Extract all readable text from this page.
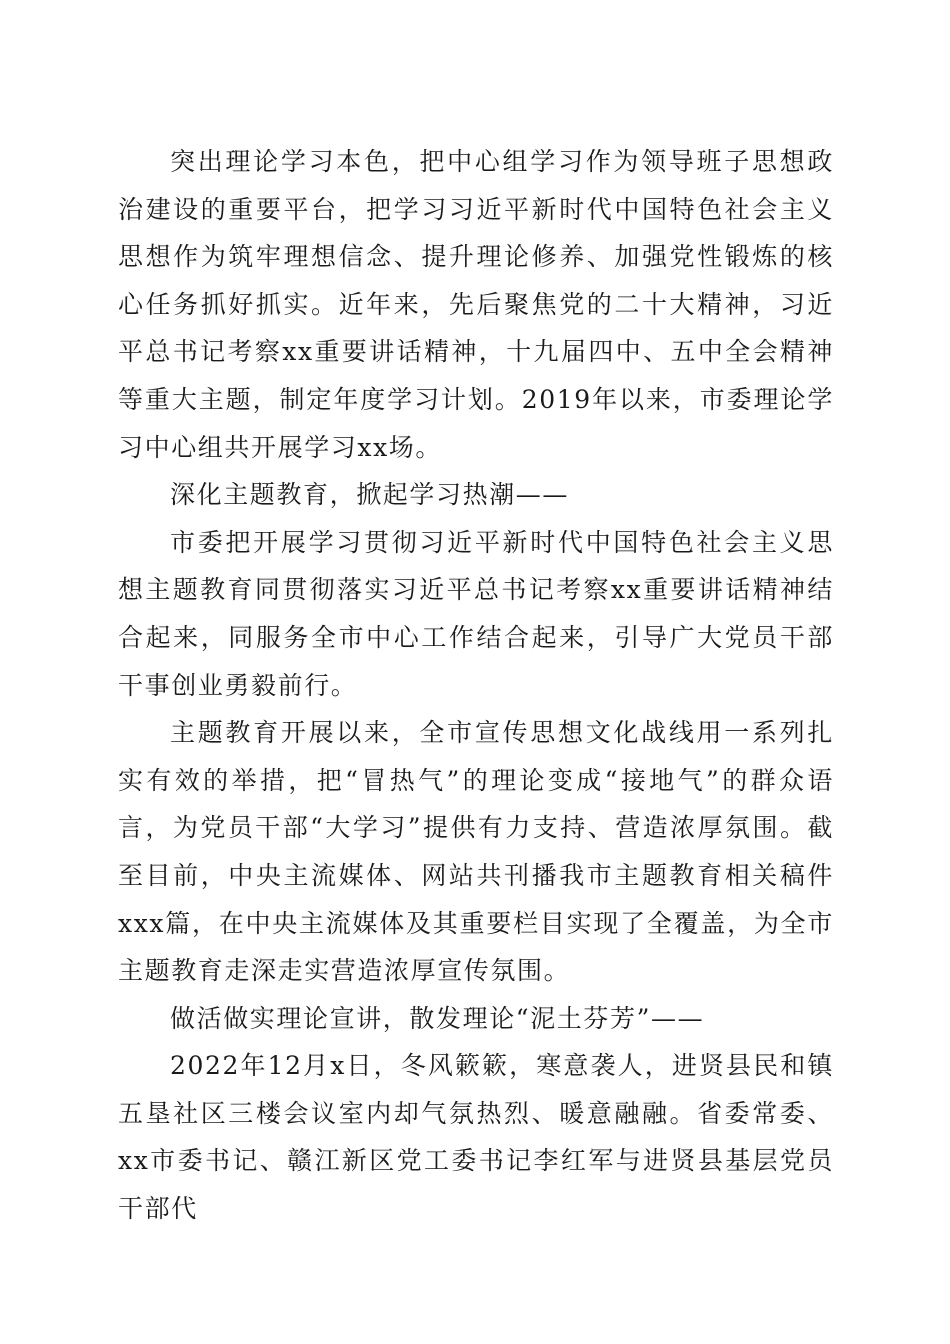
突出理论学习本色，把中心组学习作为领导班子思想政治建设的重要平台，把学习习近平新时代中国特色社会主义思想作为筑牢理想信念、提升理论修养、加强党性锻炼的核心任务抓好抓实。近年来，先后聚焦党的二十大精神，习近平总书记考察xx重要讲话精神，十九届四中、五中全会精神等重大主题，制定年度学习计划。2019年以来，市委理论学习中心组共开展学习xx场。

深化主题教育，掀起学习热潮——

市委把开展学习贯彻习近平新时代中国特色社会主义思想主题教育同贯彻落实习近平总书记考察xx重要讲话精神结合起来，同服务全市中心工作结合起来，引导广大党员干部干事创业勇毅前行。

主题教育开展以来，全市宣传思想文化战线用一系列扎实有效的举措，把“冒热气”的理论变成“接地气”的群众语言，为党员干部“大学习”提供有力支持、营造浓厚氛围。截至目前，中央主流媒体、网站共刊播我市主题教育相关稿件xxx篇，在中央主流媒体及其重要栏目实现了全覆盖，为全市主题教育走深走实营造浓厚宣传氛围。

做活做实理论宣讲，散发理论“泥土芬芳”——

2022年12月x日，冬风簌簌，寒意袭人，进贤县民和镇五垦社区三楼会议室内却气氛热烈、暖意融融。省委常委、xx市委书记、赣江新区党工委书记李红军与进贤县基层党员干部代
